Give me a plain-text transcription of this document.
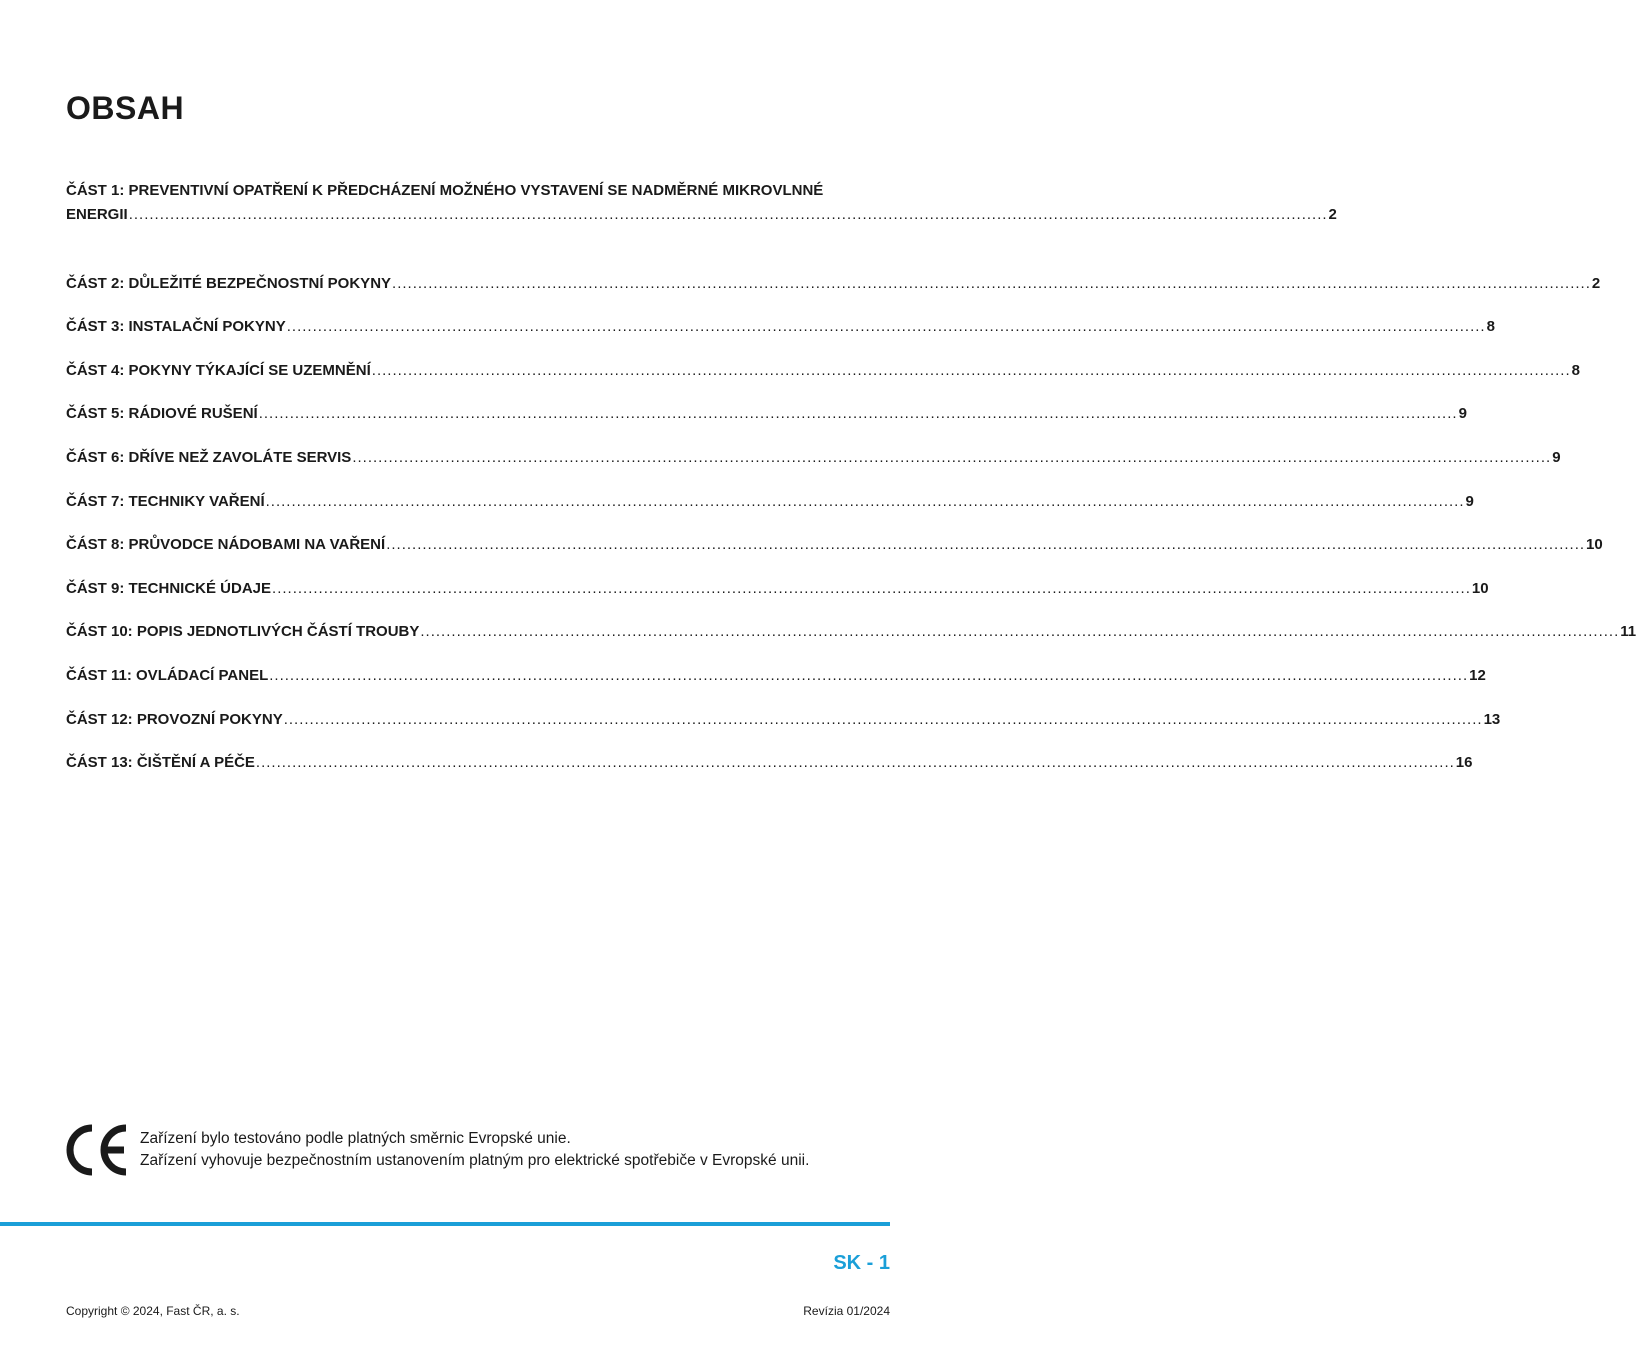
OBSAH
ČÁST 1: PREVENTIVNÍ OPATŘENÍ K PŘEDCHÁZENÍ MOŽNÉHO VYSTAVENÍ SE NADMĚRNÉ MIKROVLNNÉ
ENERGII ........................................................................................................................................................................................................................................ 2
ČÁST 2: DŮLEŽITÉ BEZPEČNOSTNÍ POKYNY ........................................................................................................................................................................................................................................ 2
ČÁST 3: INSTALAČNÍ POKYNY ........................................................................................................................................................................................................................................ 8
ČÁST 4: POKYNY TÝKAJÍCÍ SE UZEMNĚNÍ ........................................................................................................................................................................................................................................ 8
ČÁST 5: RÁDIOVÉ RUŠENÍ ........................................................................................................................................................................................................................................ 9
ČÁST 6: DŘÍVE NEŽ ZAVOLÁTE SERVIS ........................................................................................................................................................................................................................................ 9
ČÁST 7: TECHNIKY VAŘENÍ ........................................................................................................................................................................................................................................ 9
ČÁST 8: PRŮVODCE NÁDOBAMI NA VAŘENÍ ........................................................................................................................................................................................................................................ 10
ČÁST 9: TECHNICKÉ ÚDAJE ........................................................................................................................................................................................................................................ 10
ČÁST 10: POPIS JEDNOTLIVÝCH ČÁSTÍ TROUBY ........................................................................................................................................................................................................................................ 11
ČÁST 11: OVLÁDACÍ PANEL ........................................................................................................................................................................................................................................ 12
ČÁST 12: PROVOZNÍ POKYNY ........................................................................................................................................................................................................................................ 13
ČÁST 13: ČIŠTĚNÍ A PÉČE ........................................................................................................................................................................................................................................ 16
Zařízení bylo testováno podle platných směrnic Evropské unie.
Zařízení vyhovuje bezpečnostním ustanovením platným pro elektrické spotřebiče v Evropské unii.
SK - 1
Copyright © 2024, Fast ČR, a. s.	Revízia 01/2024
